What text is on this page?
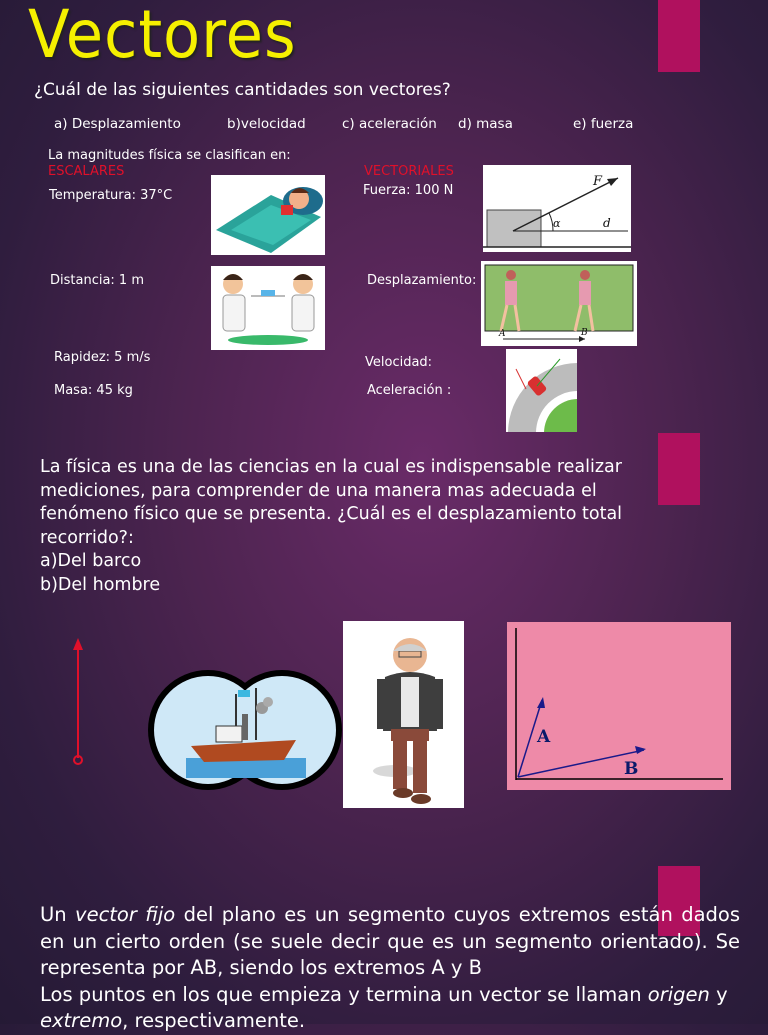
Vectores
¿Cuál de las siguientes cantidades son vectores?
a) Desplazamiento	b)velocidad	c) aceleración d) masa	e) fuerza
La magnitudes física se clasifican en:
ESCALARES	VECTORIALES
Temperatura: 37°C
Distancia: 1 m
Rapidez: 5 m/s
Masa: 45 kg
Fuerza: 100 N
Desplazamiento:
Velocidad:
Aceleración :
F
α	d
A	B
La física es una de las ciencias en la cual es indispensable realizar
mediciones, para comprender de una manera mas adecuada el
fenómeno físico que se presenta. ¿Cuál es el desplazamiento total
recorrido?:
a)Del barco
b)Del hombre
A
B
Un vector fijo del plano es un segmento cuyos extremos están dados en un cierto orden (se suele decir que es un segmento orientado). Se representa por AB, siendo los extremos A y B
Los puntos en los que empieza y termina un vector se llaman origen y extremo, respectivamente.
